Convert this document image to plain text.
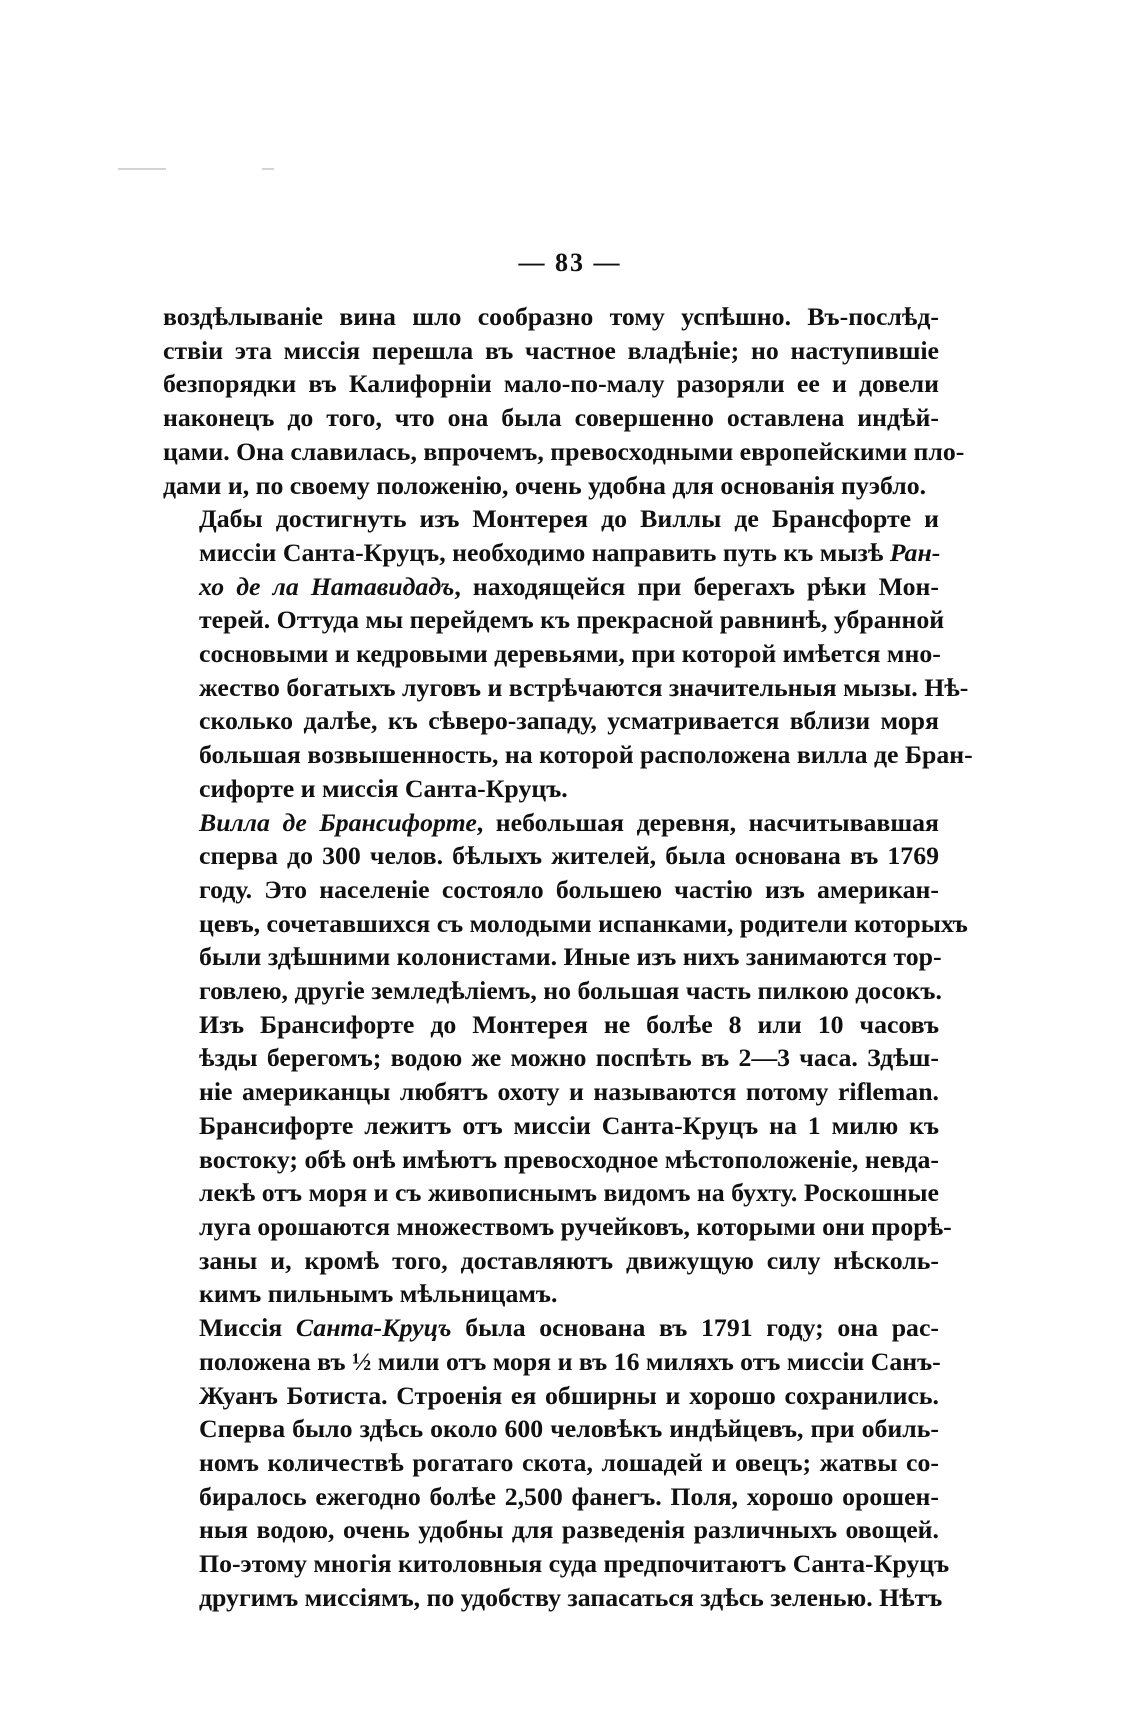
— 83 —

воздѣлываніе вина шло сообразно тому успѣшно. Въ-послѣд-
ствіи эта миссія перешла въ частное владѣніе; но наступившіе
безпорядки въ Калифорніи мало-по-малу разоряли ее и довели
наконецъ до того, что она была совершенно оставлена индѣй-
цами. Она славилась, впрочемъ, превосходными европейскими пло-
дами и, по своему положенію, очень удобна для основанія пуэбло.

Дабы достигнуть изъ Монтерея до Виллы де Брансфорте и
миссіи Санта-Круцъ, необходимо направить путь къ мызѣ Ран-
хо де ла Натавидадъ, находящейся при берегахъ рѣки Мон-
терей. Оттуда мы перейдемъ къ прекрасной равнинѣ, убранной
сосновыми и кедровыми деревьями, при которой имѣется мно-
жество богатыхъ луговъ и встрѣчаются значительныя мызы. Нѣ-
сколько далѣе, къ сѣверо-западу, усматривается вблизи моря
большая возвышенность, на которой расположена вилла де Бран-
сифорте и миссія Санта-Круцъ.

Вилла де Брансифорте, небольшая деревня, насчитывавшая
сперва до 300 челов. бѣлыхъ жителей, была основана въ 1769
году. Это населеніе состояло большею частію изъ американ-
цевъ, сочетавшихся съ молодыми испанками, родители которыхъ
были здѣшними колонистами. Иные изъ нихъ занимаются тор-
говлею, другіе земледѣліемъ, но большая часть пилкою досокъ.

Изъ Брансифорте до Монтерея не болѣе 8 или 10 часовъ
ѣзды берегомъ; водою же можно поспѣть въ 2—3 часа. Здѣш-
ніе американцы любятъ охоту и называются потому rifleman.
Брансифорте лежитъ отъ миссіи Санта-Круцъ на 1 милю къ
востоку; обѣ онѣ имѣютъ превосходное мѣстоположеніе, невда-
лекѣ отъ моря и съ живописнымъ видомъ на бухту. Роскошные
луга орошаются множествомъ ручейковъ, которыми они прорѣ-
заны и, кромѣ того, доставляютъ движущую силу нѣсколь-
кимъ пильнымъ мѣльницамъ.

Миссія Санта-Круцъ была основана въ 1791 году; она рас-
положена въ ½ мили отъ моря и въ 16 миляхъ отъ миссіи Санъ-
Жуанъ Ботиста. Строенія ея обширны и хорошо сохранились.
Сперва было здѣсь около 600 человѣкъ индѣйцевъ, при обиль-
номъ количествѣ рогатаго скота, лошадей и овецъ; жатвы со-
биралось ежегодно болѣе 2,500 фанегъ. Поля, хорошо орошен-
ныя водою, очень удобны для разведенія различныхъ овощей.
По-этому многія китоловныя суда предпочитаютъ Санта-Круцъ
другимъ миссіямъ, по удобству запасаться здѣсь зеленью. Нѣтъ
